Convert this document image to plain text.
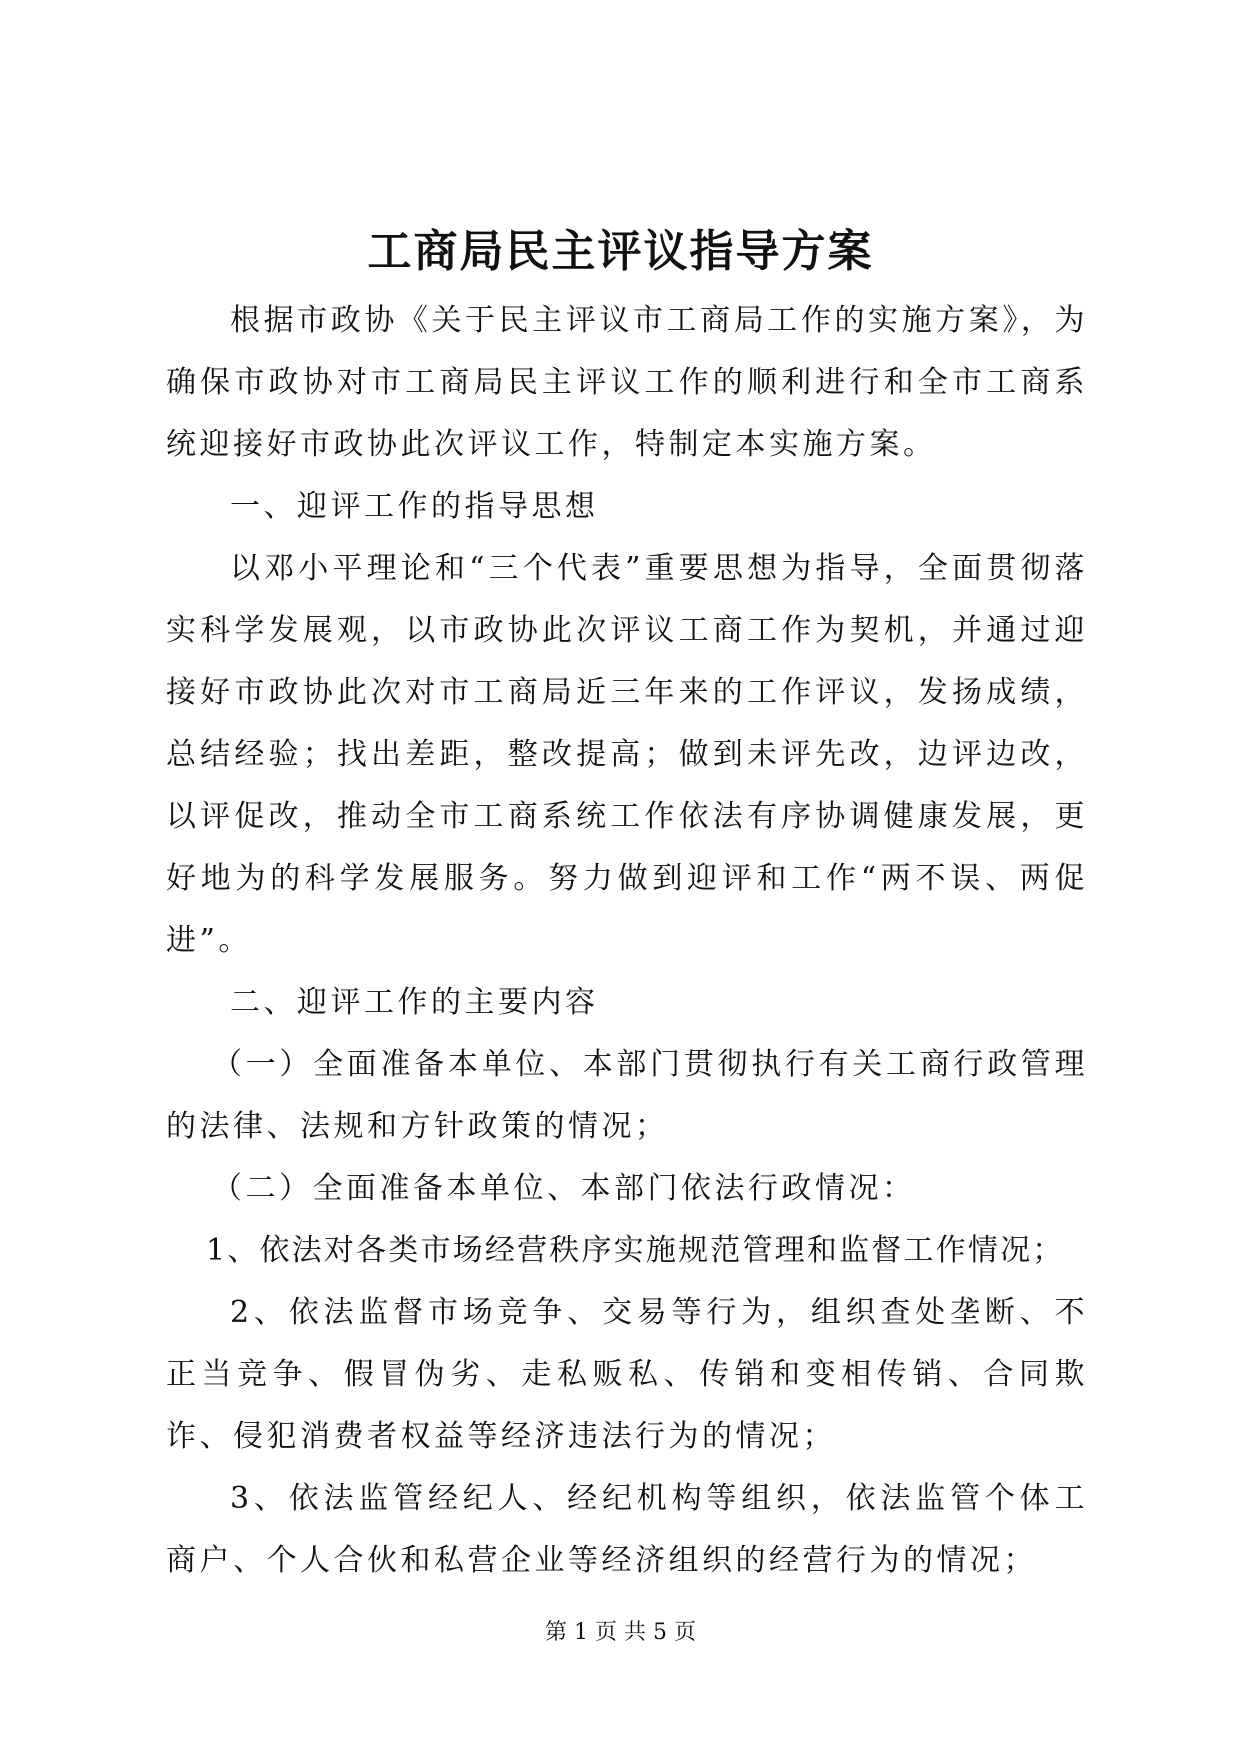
工商局民主评议指导方案

根据市政协《关于民主评议市工商局工作的实施方案》，为确保市政协对市工商局民主评议工作的顺利进行和全市工商系统迎接好市政协此次评议工作，特制定本实施方案。

一、迎评工作的指导思想

以邓小平理论和“三个代表”重要思想为指导，全面贯彻落实科学发展观，以市政协此次评议工商工作为契机，并通过迎接好市政协此次对市工商局近三年来的工作评议，发扬成绩，总结经验；找出差距，整改提高；做到未评先改，边评边改，以评促改，推动全市工商系统工作依法有序协调健康发展，更好地为的科学发展服务。努力做到迎评和工作“两不误、两促进”。

二、迎评工作的主要内容

（一）全面准备本单位、本部门贯彻执行有关工商行政管理的法律、法规和方针政策的情况；

（二）全面准备本单位、本部门依法行政情况：

1、依法对各类市场经营秩序实施规范管理和监督工作情况；

2、依法监督市场竞争、交易等行为，组织查处垄断、不正当竞争、假冒伪劣、走私贩私、传销和变相传销、合同欺诈、侵犯消费者权益等经济违法行为的情况；

3、依法监管经纪人、经纪机构等组织，依法监管个体工商户、个人合伙和私营企业等经济组织的经营行为的情况；

第 1 页 共 5 页
